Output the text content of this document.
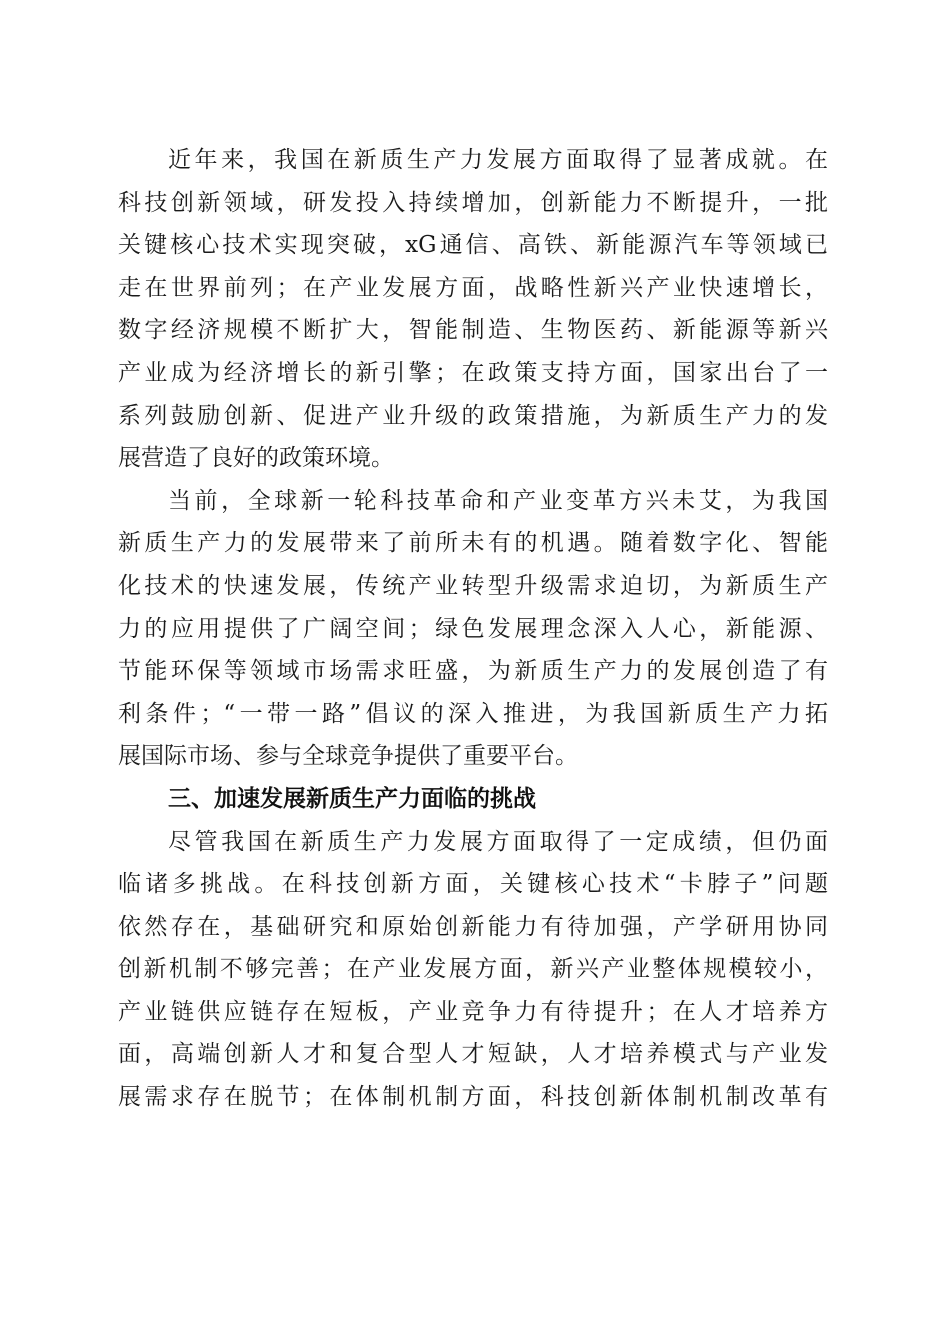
近年来，我国在新质生产力发展方面取得了显著成就。在
科技创新领域，研发投入持续增加，创新能力不断提升，一批
关键核心技术实现突破，xG通信、高铁、新能源汽车等领域已
走在世界前列；在产业发展方面，战略性新兴产业快速增长，
数字经济规模不断扩大，智能制造、生物医药、新能源等新兴
产业成为经济增长的新引擎；在政策支持方面，国家出台了一
系列鼓励创新、促进产业升级的政策措施，为新质生产力的发
展营造了良好的政策环境。
当前，全球新一轮科技革命和产业变革方兴未艾，为我国
新质生产力的发展带来了前所未有的机遇。随着数字化、智能
化技术的快速发展，传统产业转型升级需求迫切，为新质生产
力的应用提供了广阔空间；绿色发展理念深入人心，新能源、
节能环保等领域市场需求旺盛，为新质生产力的发展创造了有
利条件；“一带一路”倡议的深入推进，为我国新质生产力拓
展国际市场、参与全球竞争提供了重要平台。
三、加速发展新质生产力面临的挑战
尽管我国在新质生产力发展方面取得了一定成绩，但仍面
临诸多挑战。在科技创新方面，关键核心技术“卡脖子”问题
依然存在，基础研究和原始创新能力有待加强，产学研用协同
创新机制不够完善；在产业发展方面，新兴产业整体规模较小，
产业链供应链存在短板，产业竞争力有待提升；在人才培养方
面，高端创新人才和复合型人才短缺，人才培养模式与产业发
展需求存在脱节；在体制机制方面，科技创新体制机制改革有
